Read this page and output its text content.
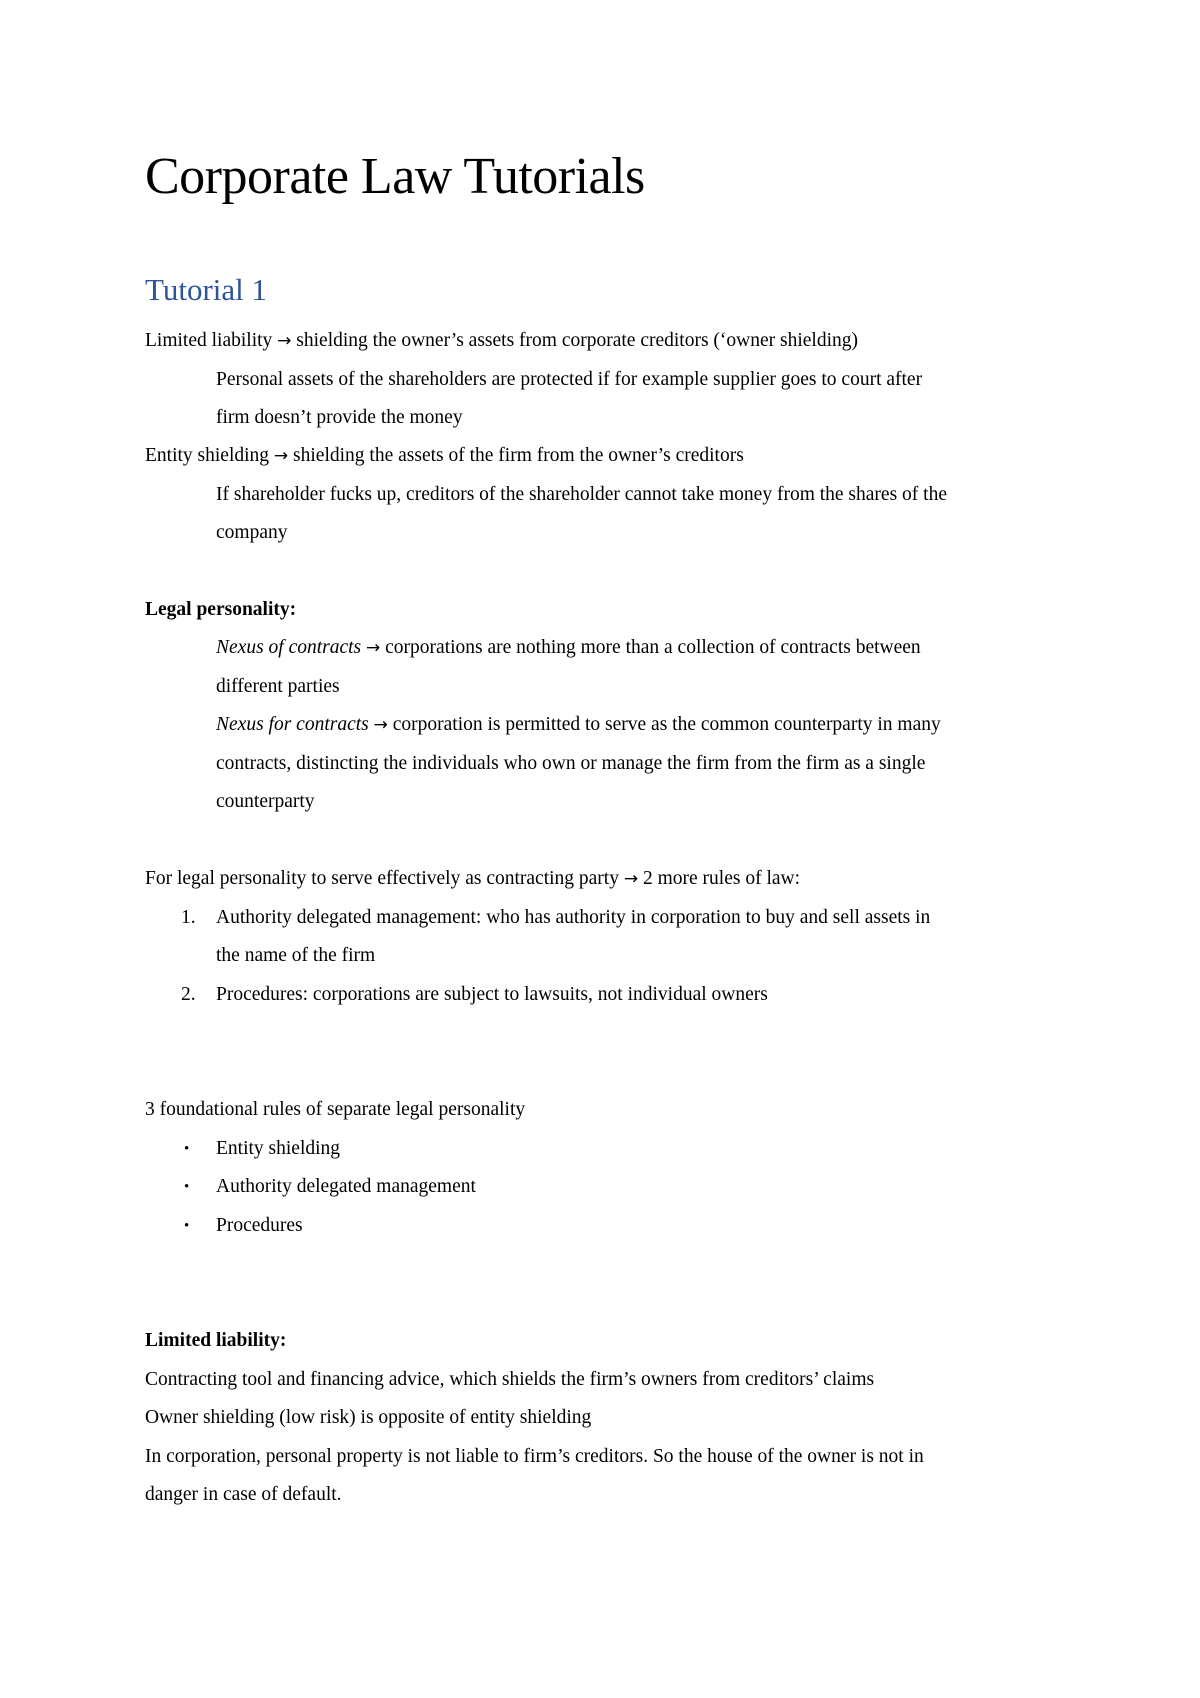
Corporate Law Tutorials
Tutorial 1
Limited liability → shielding the owner’s assets from corporate creditors (‘owner shielding)
Personal assets of the shareholders are protected if for example supplier goes to court after
firm doesn’t provide the money
Entity shielding → shielding the assets of the firm from the owner’s creditors
If shareholder fucks up, creditors of the shareholder cannot take money from the shares of the
company
Legal personality:
Nexus of contracts → corporations are nothing more than a collection of contracts between
different parties
Nexus for contracts → corporation is permitted to serve as the common counterparty in many
contracts, distincting the individuals who own or manage the firm from the firm as a single
counterparty
For legal personality to serve effectively as contracting party → 2 more rules of law:
1. Authority delegated management: who has authority in corporation to buy and sell assets in
the name of the firm
2. Procedures: corporations are subject to lawsuits, not individual owners
3 foundational rules of separate legal personality
• Entity shielding
• Authority delegated management
• Procedures
Limited liability:
Contracting tool and financing advice, which shields the firm’s owners from creditors’ claims
Owner shielding (low risk) is opposite of entity shielding
In corporation, personal property is not liable to firm’s creditors. So the house of the owner is not in
danger in case of default.
